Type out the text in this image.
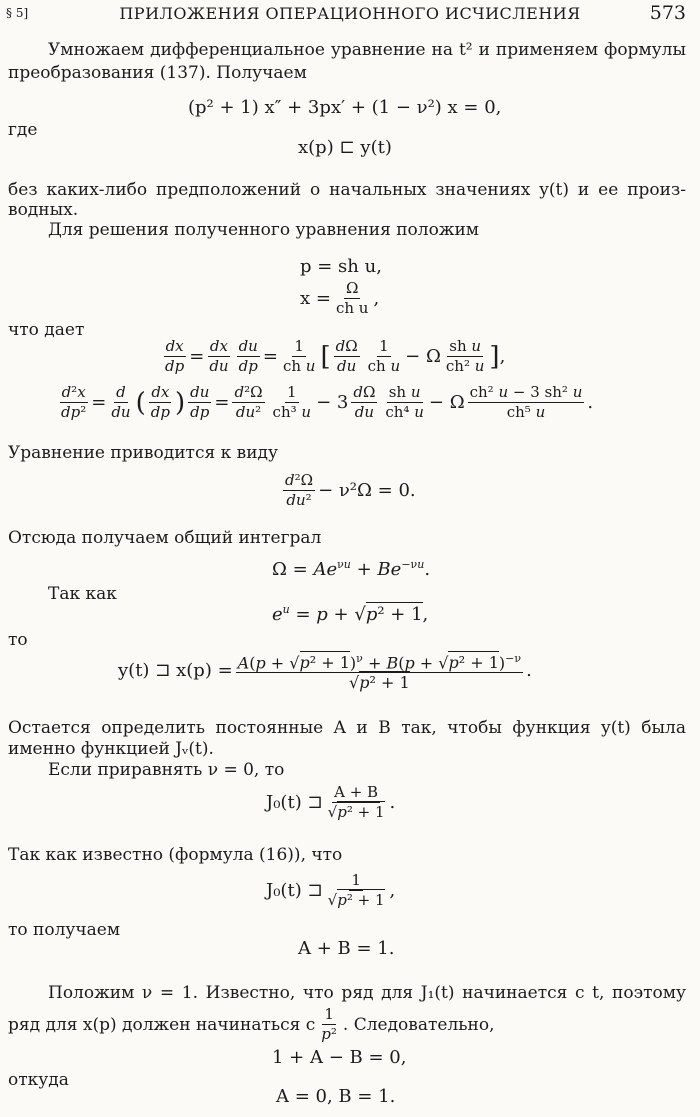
§ 5]	ПРИЛОЖЕНИЯ ОПЕРАЦИОННОГО ИСЧИСЛЕНИЯ	573
Умножаем дифференциальное уравнение на t² и применяем формулы
преобразования (137). Получаем
(p² + 1) x″ + 3px′ + (1 − ν²) x = 0,
где
x(p) ⊏ y(t)
без каких-либо предположений о начальных значениях y(t) и ее произ-
водных.
Для решения полученного уравнения положим
p = sh u,
$x = \frac{\Omega}{\text{ch u}}$ ,
что дает
$\frac{dx}{dp} = \frac{dx}{du} \frac{du}{dp} = \frac{1}{\text{ch u}}$ [ $\frac{d\Omega}{du} \frac{1}{\text{ch u}} - \Omega \frac{\text{sh u}}{\text{ch² u}}$ ] ,
$\frac{\text{d²x}}{\text{dp²}} = \frac{d}{du}$ ( $\frac{dx}{dp}$ ) $\frac{du}{dp} = \frac{\text{d²Ω}}{\text{du²}} \frac{1}{\text{ch³ u}} - 3 \frac{d\Omega}{du} \frac{\text{sh u}}{\text{ch⁴ u}} - \Omega \frac{\text{ch² u − 3 sh² u}}{\text{ch⁵ u}}$ .
Уравнение приводится к виду
$\frac{\text{d²Ω}}{\text{du²}} - \nu^2\Omega = 0$.
Отсюда получаем общий интеграл
$\Omega = Ae^{\nu u} + Be^{-\nu u}$.
Так как
$e^u = p + √p^2 + 1$,
то
y(t) ⊐ $x(p) = \frac{A(p + √p^2 + 1)^\nu + B(p + √p^2 + 1)^{-\nu}}{\text{√p² + 1}}$ .
Остается определить постоянные A и B так, чтобы функция y(t) была
именно функцией Jᵥ(t).
Если приравнять ν = 0, то
J₀(t) ⊐ $\frac{A + B}{\text{√p² + 1}}$ .
Так как известно (формула (16)), что
J₀(t) ⊐ $\frac{1}{\text{√p² + 1}}$ ,
то получаем
A + B = 1.
Положим ν = 1. Известно, что ряд для J₁(t) начинается с t, поэтому
ряд для x(p) должен начинаться с $\frac{1}{\text{p²}}$ . Следовательно,
1 + A − B = 0,
откуда
A = 0, B = 1.
